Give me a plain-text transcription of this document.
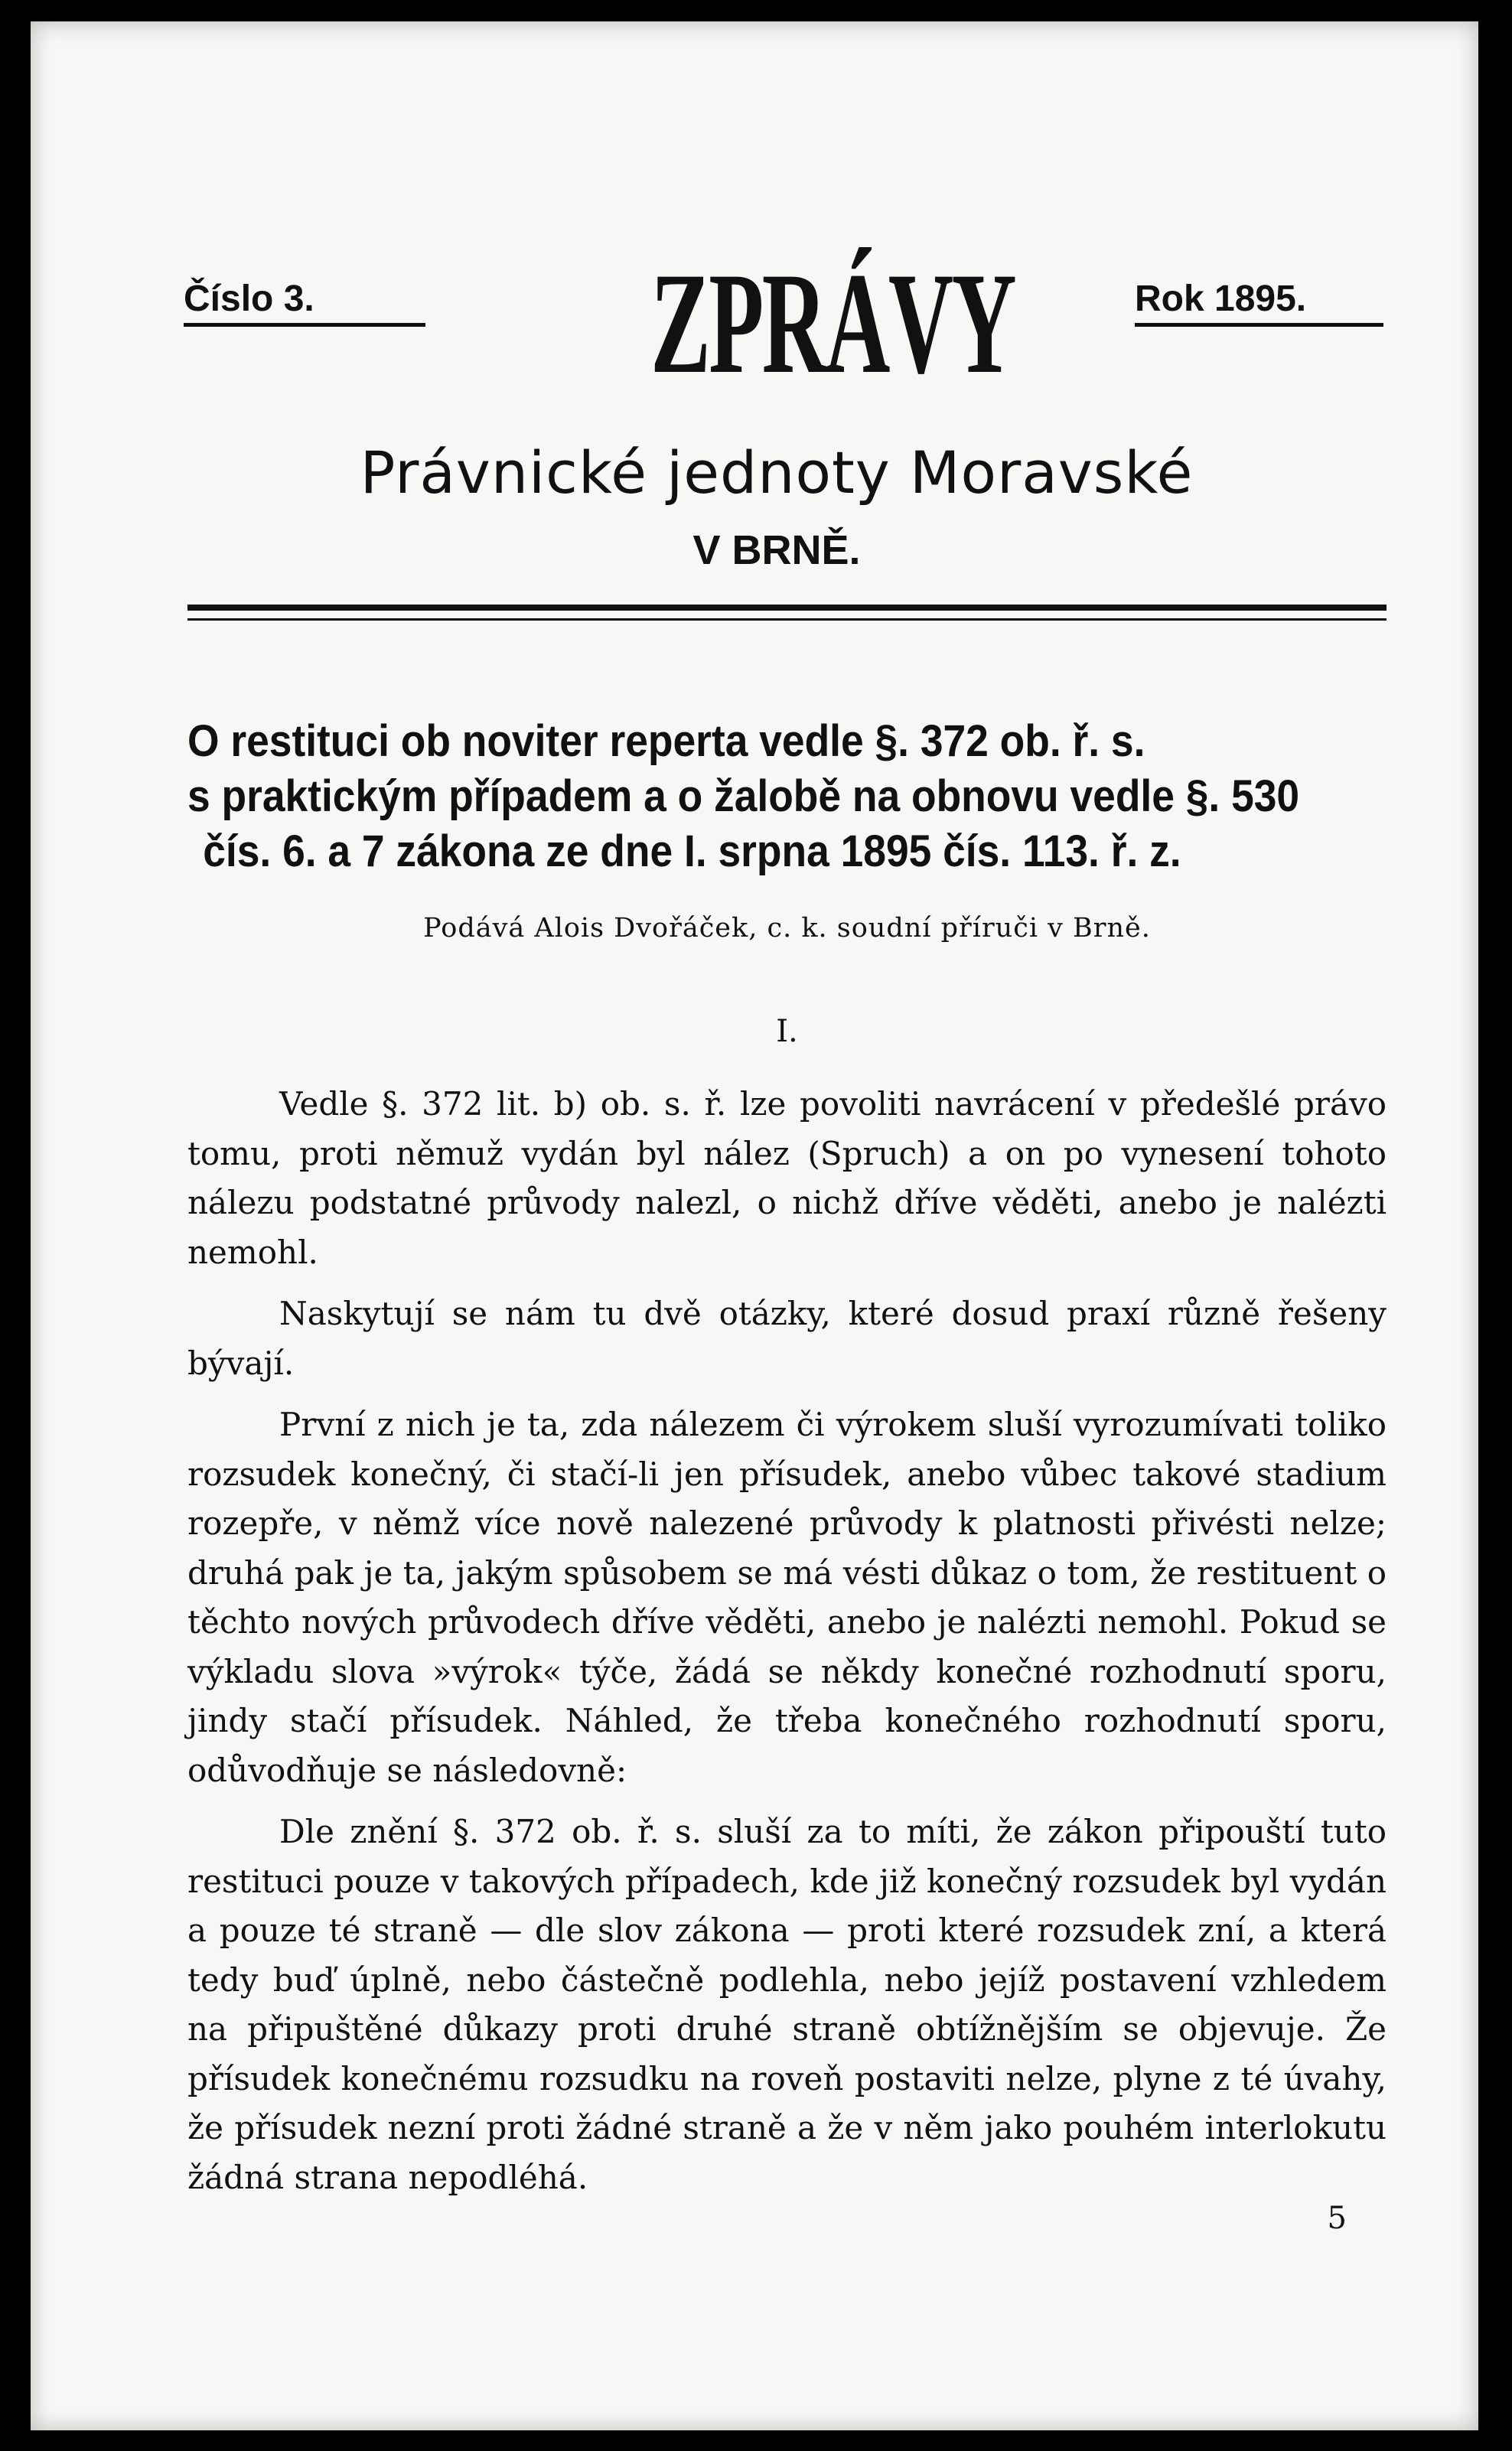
Číslo 3.	ZPRÁVY	Rok 1895.
Právnické jednoty Moravské
V BRNĚ.
O restituci ob noviter reperta vedle §. 372 ob. ř. s.
s praktickým případem a o žalobě na obnovu vedle §. 530
čís. 6. a 7 zákona ze dne I. srpna 1895 čís. 113. ř. z.
Podává Alois Dvořáček, c. k. soudní příruči v Brně.
I.

Vedle §. 372 lit. b) ob. s. ř. lze povoliti navrácení v předešlé právo tomu, proti němuž vydán byl nález (Spruch) a on po vynesení tohoto nálezu podstatné průvody nalezl, o nichž dříve věděti, anebo je nalézti nemohl.

Naskytují se nám tu dvě otázky, které dosud praxí různě řešeny bývají.

První z nich je ta, zda nálezem či výrokem sluší vyrozumívati toliko rozsudek konečný, či stačí-li jen přísudek, anebo vůbec takové stadium rozepře, v němž více nově nalezené průvody k platnosti přivésti nelze; druhá pak je ta, jakým spůsobem se má vésti důkaz o tom, že restituent o těchto nových průvodech dříve věděti, anebo je nalézti nemohl. Pokud se výkladu slova »výrok« týče, žádá se někdy konečné rozhodnutí sporu, jindy stačí přísudek. Náhled, že třeba konečného rozhodnutí sporu, odůvodňuje se následovně:

Dle znění §. 372 ob. ř. s. sluší za to míti, že zákon připouští tuto restituci pouze v takových případech, kde již konečný rozsudek byl vydán a pouze té straně — dle slov zákona — proti které rozsudek zní, a která tedy buď úplně, nebo částečně podlehla, nebo jejíž postavení vzhledem na připuštěné důkazy proti druhé straně obtížnějším se objevuje. Že přísudek konečnému rozsudku na roveň postaviti nelze, plyne z té úvahy, že přísudek nezní proti žádné straně a že v něm jako pouhém interlokutu žádná strana nepodléhá.

5
